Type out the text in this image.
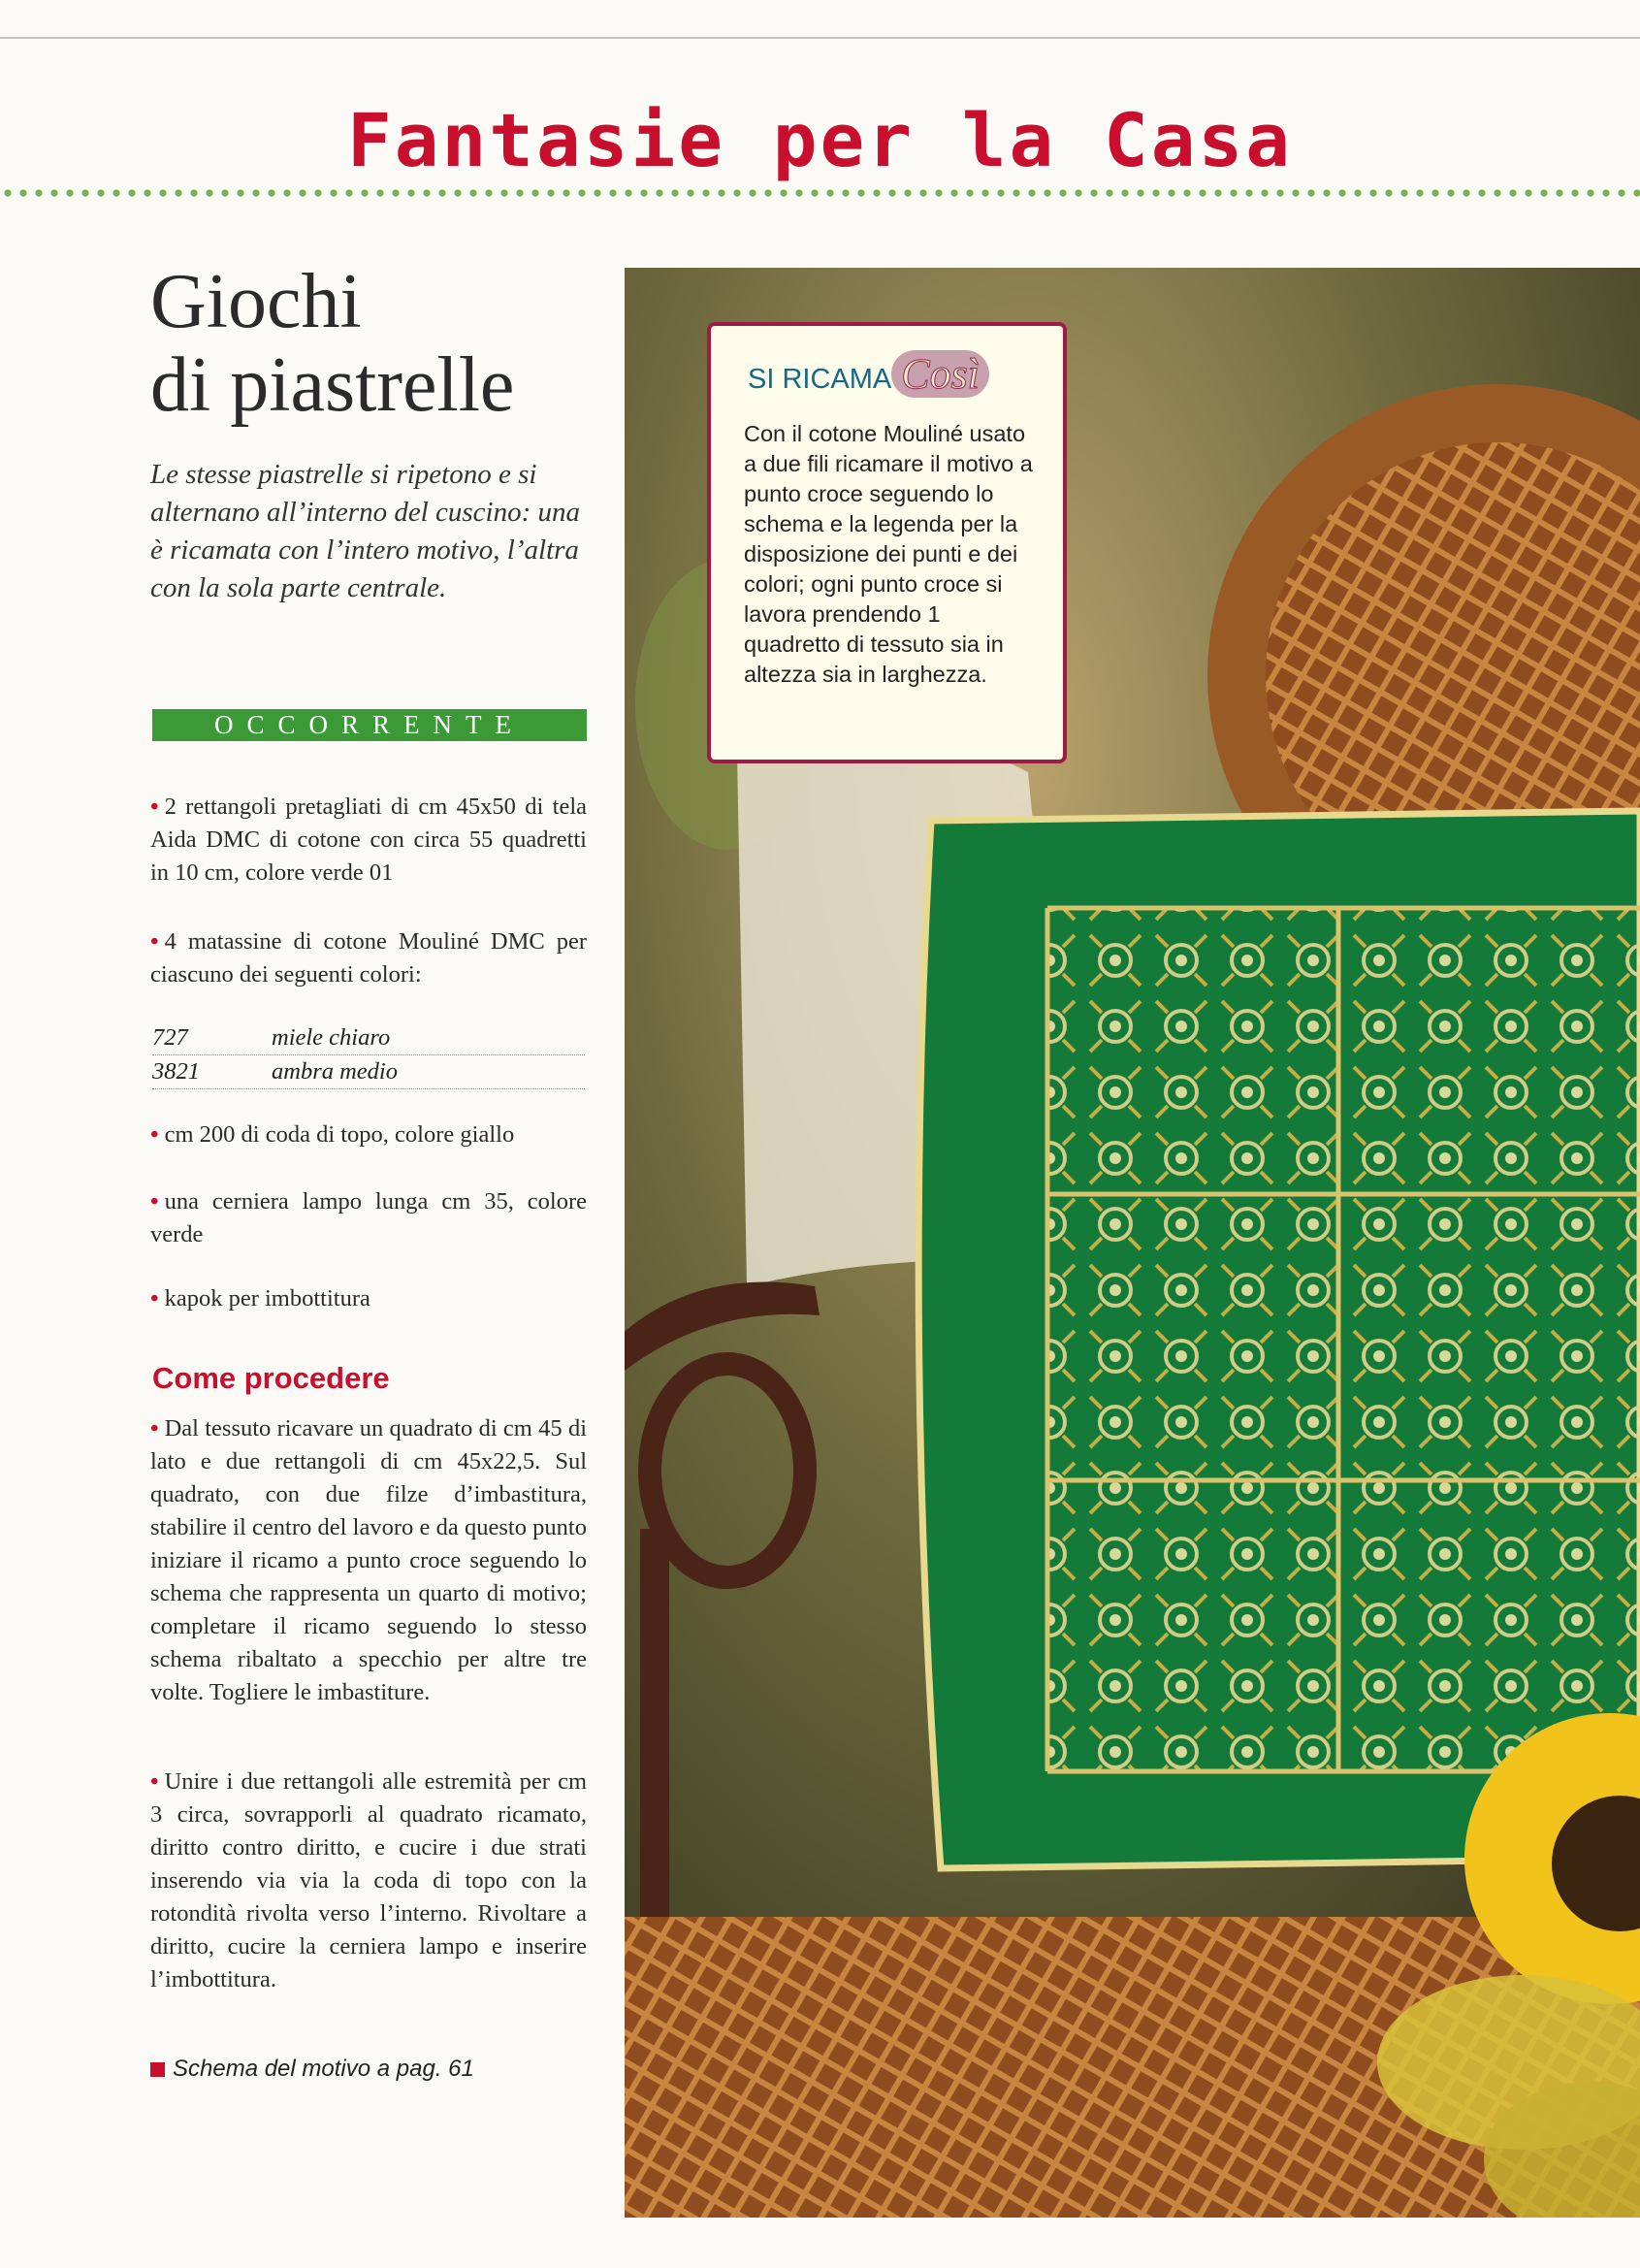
Fantasie per la Casa
Giochi
di piastrelle
Le stesse piastrelle si ripetono e si alternano all’interno del cuscino: una è ricamata con l’intero motivo, l’altra con la sola parte centrale.
OCCORRENTE
• 2 rettangoli pretagliati di cm 45x50 di tela Aida DMC di cotone con circa 55 quadretti in 10 cm, colore verde 01
• 4 matassine di cotone Mouliné DMC per ciascuno dei seguenti colori:
727	miele chiaro
3821	ambra medio
• cm 200 di coda di topo, colore giallo
• una cerniera lampo lunga cm 35, colore verde
• kapok per imbottitura
Come procedere
• Dal tessuto ricavare un quadrato di cm 45 di lato e due rettangoli di cm 45x22,5. Sul quadrato, con due filze d’imbastitura, stabilire il centro del lavoro e da questo punto iniziare il ricamo a punto croce seguendo lo schema che rappresenta un quarto di motivo; completare il ricamo seguendo lo stesso schema ribaltato a specchio per altre tre volte. Togliere le imbastiture.
• Unire i due rettangoli alle estremità per cm 3 circa, sovrapporli al quadrato ricamato, diritto contro diritto, e cucire i due strati inserendo via via la coda di topo con la rotondità rivolta verso l’interno. Rivoltare a diritto, cucire la cerniera lampo e inserire l’imbottitura.
Schema del motivo a pag. 61
SI RICAMA Così
Con il cotone Mouliné usato a due fili ricamare il motivo a punto croce seguendo lo schema e la legenda per la disposizione dei punti e dei colori; ogni punto croce si lavora prendendo 1 quadretto di tessuto sia in altezza sia in larghezza.
